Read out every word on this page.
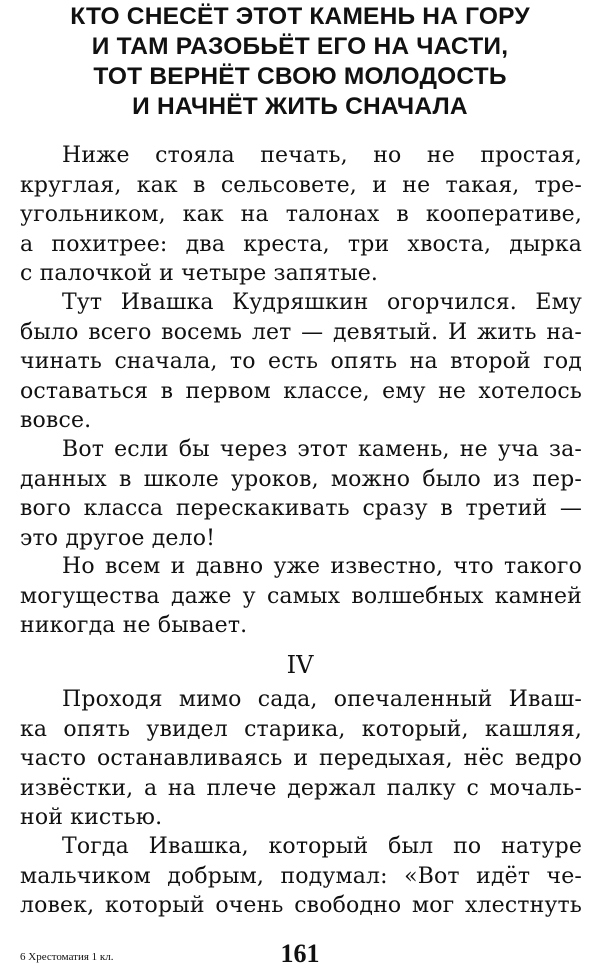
КТО СНЕСЁТ ЭТОТ КАМЕНЬ НА ГОРУ
И ТАМ РАЗОБЬЁТ ЕГО НА ЧАСТИ,
ТОТ ВЕРНЁТ СВОЮ МОЛОДОСТЬ
И НАЧНЁТ ЖИТЬ СНАЧАЛА
Ниже стояла печать, но не простая,
круглая, как в сельсовете, и не такая, тре-
угольником, как на талонах в кооперативе,
а похитрее: два креста, три хвоста, дырка
с палочкой и четыре запятые.
Тут Ивашка Кудряшкин огорчился. Ему
было всего восемь лет — девятый. И жить на-
чинать сначала, то есть опять на второй год
оставаться в первом классе, ему не хотелось
вовсе.
Вот если бы через этот камень, не уча за-
данных в школе уроков, можно было из пер-
вого класса перескакивать сразу в третий —
это другое дело!
Но всем и давно уже известно, что такого
могущества даже у самых волшебных камней
никогда не бывает.
IV
Проходя мимо сада, опечаленный Иваш-
ка опять увидел старика, который, кашляя,
часто останавливаясь и передыхая, нёс ведро
извёстки, а на плече держал палку с мочаль-
ной кистью.
Тогда Ивашка, который был по натуре
мальчиком добрым, подумал: «Вот идёт че-
ловек, который очень свободно мог хлестнуть
6 Хрестоматия 1 кл.	161
